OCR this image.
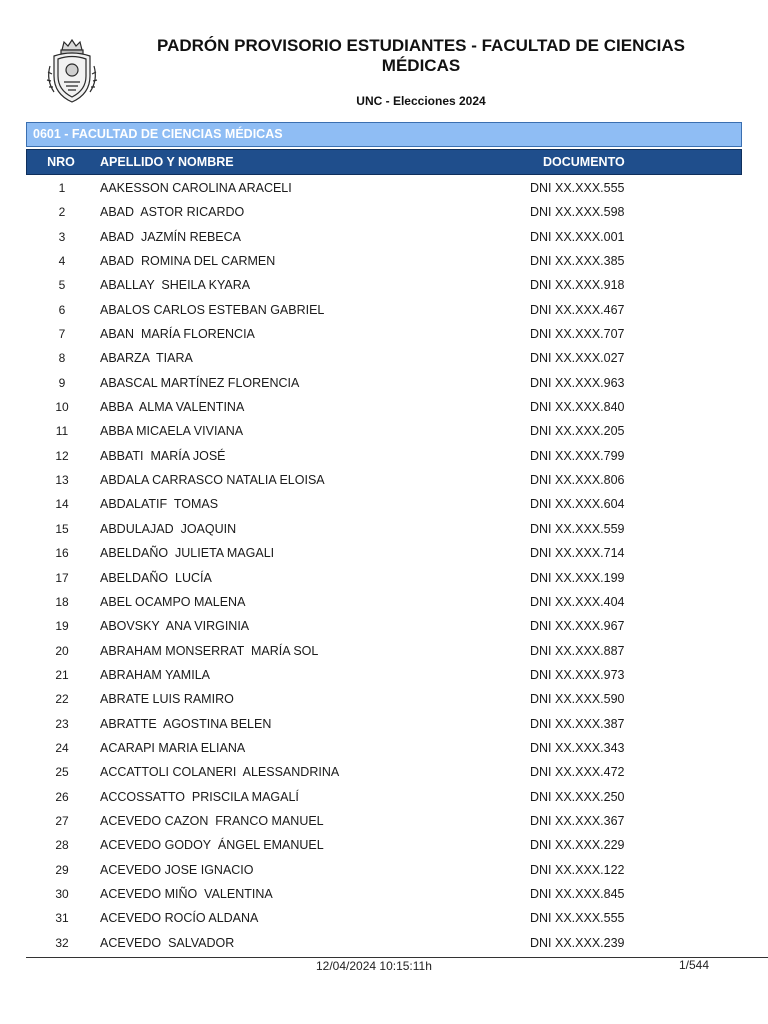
PADRÓN PROVISORIO ESTUDIANTES - FACULTAD DE CIENCIAS
MÉDICAS
UNC - Elecciones 2024
0601 - FACULTAD DE CIENCIAS MÉDICAS
NRO	APELLIDO Y NOMBRE	DOCUMENTO
1	AAKESSON CAROLINA ARACELI	DNI XX.XXX.555
2	ABAD  ASTOR RICARDO	DNI XX.XXX.598
3	ABAD  JAZMÍN REBECA	DNI XX.XXX.001
4	ABAD  ROMINA DEL CARMEN	DNI XX.XXX.385
5	ABALLAY  SHEILA KYARA	DNI XX.XXX.918
6	ABALOS CARLOS ESTEBAN GABRIEL	DNI XX.XXX.467
7	ABAN  MARÍA FLORENCIA	DNI XX.XXX.707
8	ABARZA  TIARA	DNI XX.XXX.027
9	ABASCAL MARTÍNEZ FLORENCIA	DNI XX.XXX.963
10	ABBA  ALMA VALENTINA	DNI XX.XXX.840
11	ABBA MICAELA VIVIANA	DNI XX.XXX.205
12	ABBATI  MARÍA JOSÉ	DNI XX.XXX.799
13	ABDALA CARRASCO NATALIA ELOISA	DNI XX.XXX.806
14	ABDALATIF  TOMAS	DNI XX.XXX.604
15	ABDULAJAD  JOAQUIN	DNI XX.XXX.559
16	ABELDAÑO  JULIETA MAGALI	DNI XX.XXX.714
17	ABELDAÑO  LUCÍA	DNI XX.XXX.199
18	ABEL OCAMPO MALENA	DNI XX.XXX.404
19	ABOVSKY  ANA VIRGINIA	DNI XX.XXX.967
20	ABRAHAM MONSERRAT  MARÍA SOL	DNI XX.XXX.887
21	ABRAHAM YAMILA	DNI XX.XXX.973
22	ABRATE LUIS RAMIRO	DNI XX.XXX.590
23	ABRATTE  AGOSTINA BELEN	DNI XX.XXX.387
24	ACARAPI MARIA ELIANA	DNI XX.XXX.343
25	ACCATTOLI COLANERI  ALESSANDRINA	DNI XX.XXX.472
26	ACCOSSATTO  PRISCILA MAGALÍ	DNI XX.XXX.250
27	ACEVEDO CAZON  FRANCO MANUEL	DNI XX.XXX.367
28	ACEVEDO GODOY  ÁNGEL EMANUEL	DNI XX.XXX.229
29	ACEVEDO JOSE IGNACIO	DNI XX.XXX.122
30	ACEVEDO MIÑO  VALENTINA	DNI XX.XXX.845
31	ACEVEDO ROCÍO ALDANA	DNI XX.XXX.555
32	ACEVEDO  SALVADOR	DNI XX.XXX.239
12/04/2024 10:15:11h	1/544
